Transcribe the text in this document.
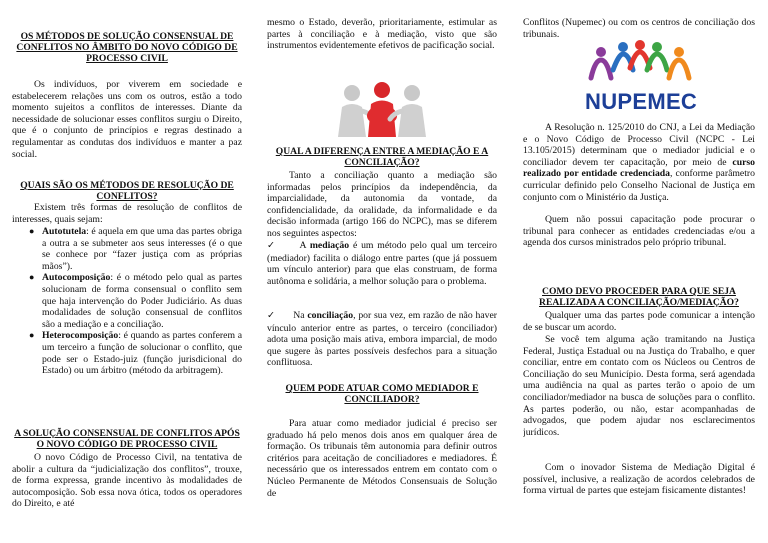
OS MÉTODOS DE SOLUÇÃO CONSENSUAL DE CONFLITOS NO ÂMBITO DO NOVO CÓDIGO DE PROCESSO CIVIL

Os indivíduos, por viverem em sociedade e estabelecerem relações uns com os outros, estão a todo momento sujeitos a conflitos de interesses. Diante da necessidade de solucionar esses conflitos surgiu o Direito, que é o conjunto de princípios e regras destinado a regulamentar as condutas dos indivíduos e manter a paz social.

QUAIS SÃO OS MÉTODOS DE RESOLUÇÃO DE CONFLITOS?

Existem três formas de resolução de conflitos de interesses, quais sejam:

● Autotutela: é aquela em que uma das partes obriga a outra a se submeter aos seus interesses (é o que se conhece por “fazer justiça com as próprias mãos”).
● Autocomposição: é o método pelo qual as partes solucionam de forma consensual o conflito sem que haja intervenção do Poder Judiciário. As duas modalidades de solução consensual de conflitos são a mediação e a conciliação.
● Heterocomposição: é quando as partes conferem a um terceiro a função de solucionar o conflito, que pode ser o Estado-juiz (função jurisdicional do Estado) ou um árbitro (método da arbitragem).

A SOLUÇÃO CONSENSUAL DE CONFLITOS APÓS O NOVO CÓDIGO DE PROCESSO CIVIL

O novo Código de Processo Civil, na tentativa de abolir a cultura da “judicialização dos conflitos”, trouxe, de forma expressa, grande incentivo às modalidades de autocomposição. Sob essa nova ótica, todos os operadores do Direito, e até

mesmo o Estado, deverão, prioritariamente, estimular as partes à conciliação e à mediação, visto que são instrumentos evidentemente efetivos de pacificação social.

QUAL A DIFERENÇA ENTRE A MEDIAÇÃO E A CONCILIAÇÃO?

Tanto a conciliação quanto a mediação são informadas pelos princípios da independência, da imparcialidade, da autonomia da vontade, da confidencialidade, da oralidade, da informalidade e da decisão informada (artigo 166 do NCPC), mas se diferem nos seguintes aspectos:

✓ A mediação é um método pelo qual um terceiro (mediador) facilita o diálogo entre partes (que já possuem um vínculo anterior) para que elas construam, de forma autônoma e solidária, a melhor solução para o problema.

✓ Na conciliação, por sua vez, em razão de não haver vínculo anterior entre as partes, o terceiro (conciliador) adota uma posição mais ativa, embora imparcial, de modo que sugere às partes possíveis desfechos para a situação conflituosa.

QUEM PODE ATUAR COMO MEDIADOR E CONCILIADOR?

Para atuar como mediador judicial é preciso ser graduado há pelo menos dois anos em qualquer área de formação. Os tribunais têm autonomia para definir outros critérios para aceitação de conciliadores e mediadores. É necessário que os interessados entrem em contato com o Núcleo Permanente de Métodos Consensuais de Solução de

Conflitos (Nupemec) ou com os centros de conciliação dos tribunais.

NUPEMEC

A Resolução n. 125/2010 do CNJ, a Lei da Mediação e o Novo Código de Processo Civil (NCPC - Lei 13.105/2015) determinam que o mediador judicial e o conciliador devem ter capacitação, por meio de curso realizado por entidade credenciada, conforme parâmetro curricular definido pelo Conselho Nacional de Justiça em conjunto com o Ministério da Justiça.

Quem não possui capacitação pode procurar o tribunal para conhecer as entidades credenciadas e/ou a agenda dos cursos ministrados pelo próprio tribunal.

COMO DEVO PROCEDER PARA QUE SEJA REALIZADA A CONCILIAÇÃO/MEDIAÇÃO?

Qualquer uma das partes pode comunicar a intenção de se buscar um acordo.

Se você tem alguma ação tramitando na Justiça Federal, Justiça Estadual ou na Justiça do Trabalho, e quer conciliar, entre em contato com os Núcleos ou Centros de Conciliação do seu Município. Desta forma, será agendada uma audiência na qual as partes terão o apoio de um conciliador/mediador na busca de soluções para o conflito. As partes poderão, ou não, estar acompanhadas de advogados, que podem ajudar nos esclarecimentos jurídicos.

Com o inovador Sistema de Mediação Digital é possível, inclusive, a realização de acordos celebrados de forma virtual de partes que estejam fisicamente distantes!
